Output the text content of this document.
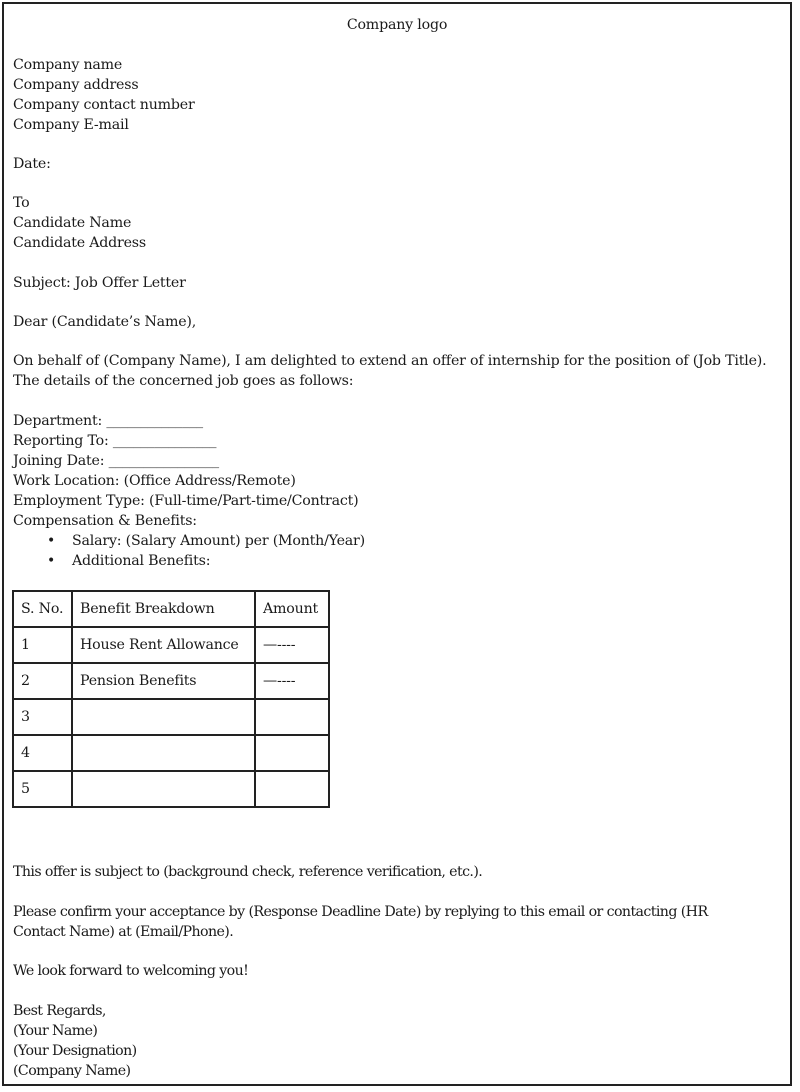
Company logo
Company name
Company address
Company contact number
Company E-mail
Date:
To
Candidate Name
Candidate Address
Subject: Job Offer Letter
Dear (Candidate’s Name),
On behalf of (Company Name), I am delighted to extend an offer of internship for the position of (Job Title).
The details of the concerned job goes as follows:
Department: ______________
Reporting To: _______________
Joining Date: ________________
Work Location: (Office Address/Remote)
Employment Type: (Full-time/Part-time/Contract)
Compensation & Benefits:
• Salary: (Salary Amount) per (Month/Year)
• Additional Benefits:
S. No.	Benefit Breakdown	Amount
1	House Rent Allowance	—----
2	Pension Benefits	—----
3		
4		
5		
This offer is subject to (background check, reference verification, etc.).
Please confirm your acceptance by (Response Deadline Date) by replying to this email or contacting (HR
Contact Name) at (Email/Phone).
We look forward to welcoming you!
Best Regards,
(Your Name)
(Your Designation)
(Company Name)
